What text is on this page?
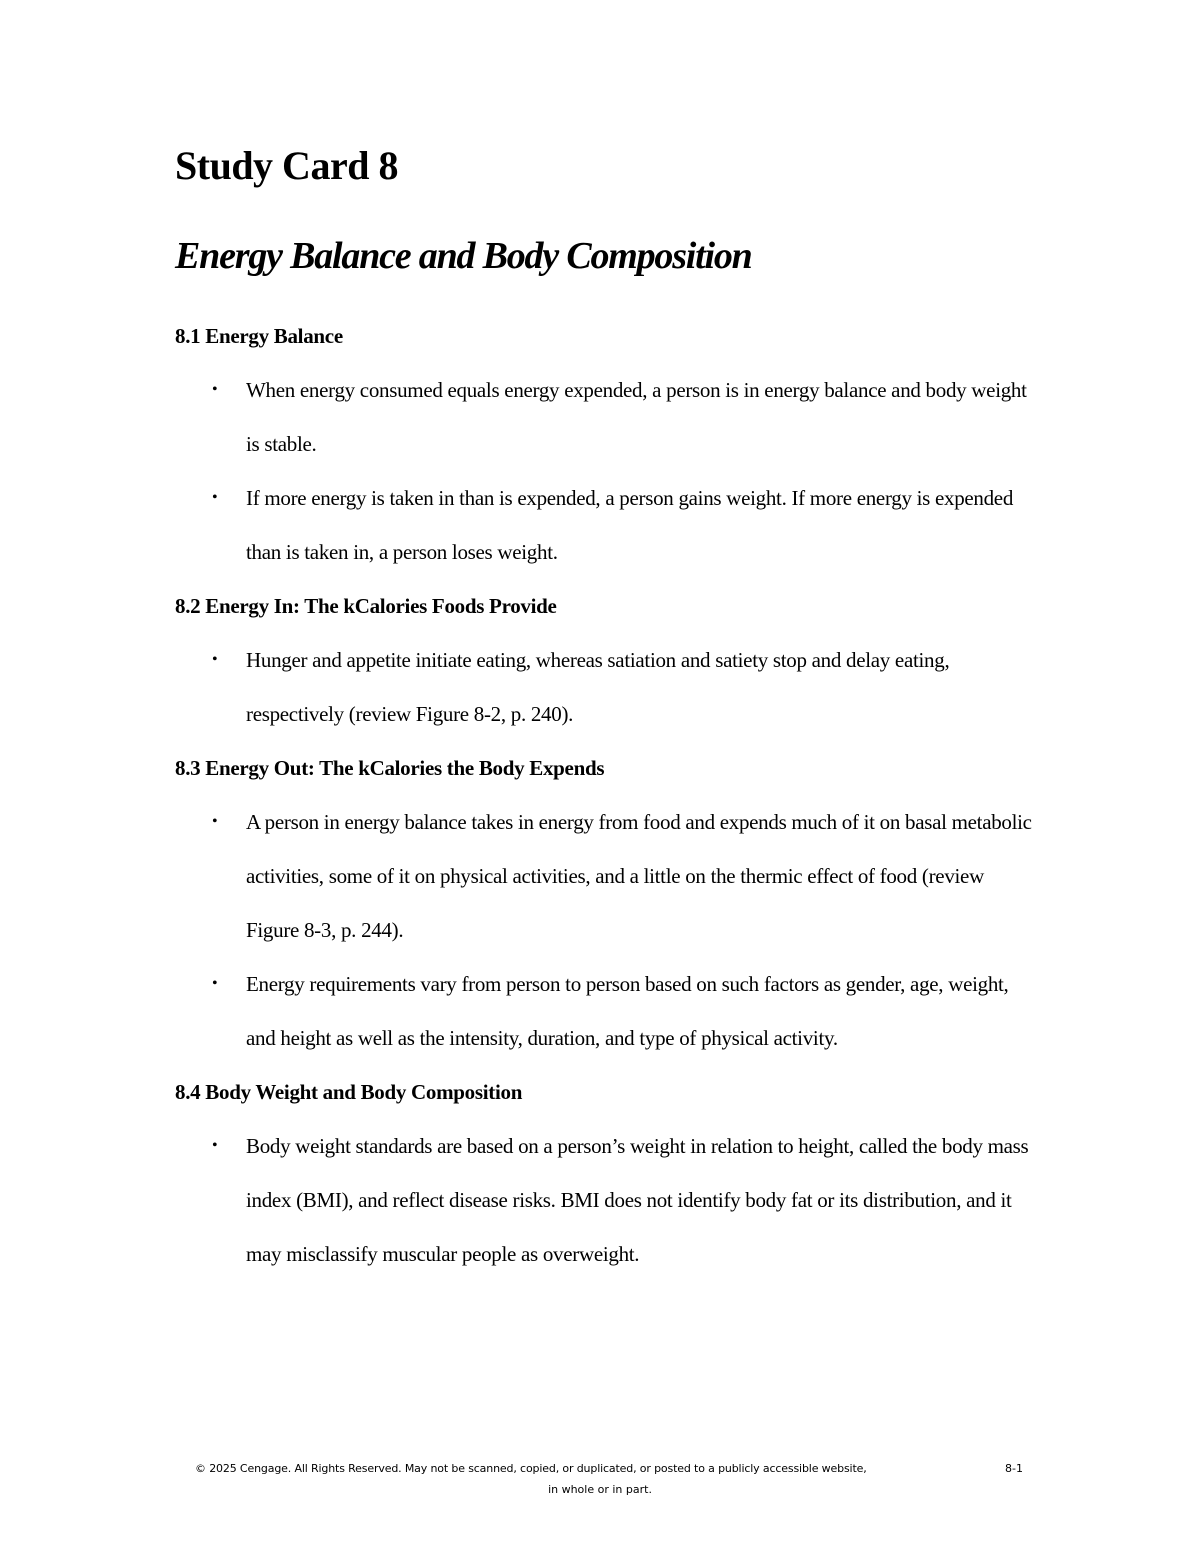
Study Card 8
Energy Balance and Body Composition
8.1 Energy Balance
• When energy consumed equals energy expended, a person is in energy balance and body weight is stable.
• If more energy is taken in than is expended, a person gains weight. If more energy is expended than is taken in, a person loses weight.
8.2 Energy In: The kCalories Foods Provide
• Hunger and appetite initiate eating, whereas satiation and satiety stop and delay eating, respectively (review Figure 8-2, p. 240).
8.3 Energy Out: The kCalories the Body Expends
• A person in energy balance takes in energy from food and expends much of it on basal metabolic activities, some of it on physical activities, and a little on the thermic effect of food (review Figure 8-3, p. 244).
• Energy requirements vary from person to person based on such factors as gender, age, weight, and height as well as the intensity, duration, and type of physical activity.
8.4 Body Weight and Body Composition
• Body weight standards are based on a person’s weight in relation to height, called the body mass index (BMI), and reflect disease risks. BMI does not identify body fat or its distribution, and it may misclassify muscular people as overweight.
© 2025 Cengage. All Rights Reserved. May not be scanned, copied, or duplicated, or posted to a publicly accessible website,	8-1
in whole or in part.
